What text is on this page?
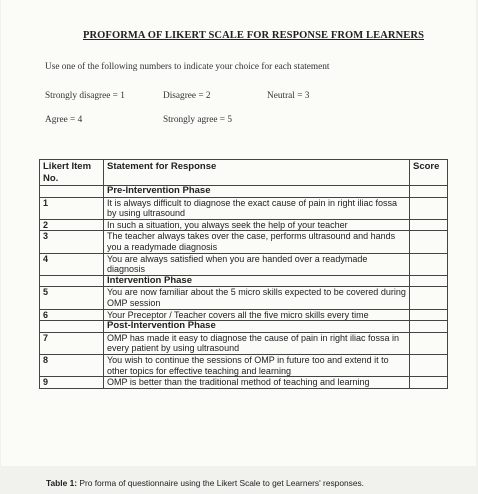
PROFORMA OF LIKERT SCALE FOR RESPONSE FROM LEARNERS
Use one of the following numbers to indicate your choice for each statement
Strongly disagree = 1	Disagree = 2	Neutral = 3
Agree = 4	Strongly agree = 5
Likert Item No.	Statement for Response	Score
	Pre-Intervention Phase	
1	It is always difficult to diagnose the exact cause of pain in right iliac fossa by using ultrasound	
2	In such a situation, you always seek the help of your teacher	
3	The teacher always takes over the case, performs ultrasound and hands you a readymade diagnosis	
4	You are always satisfied when you are handed over a readymade diagnosis	
	Intervention Phase	
5	You are now familiar about the 5 micro skills expected to be covered during OMP session	
6	Your Preceptor / Teacher covers all the five micro skills every time	
	Post-Intervention Phase	
7	OMP has made it easy to diagnose the cause of pain in right iliac fossa in every patient by using ultrasound	
8	You wish to continue the sessions of OMP in future too and extend it to other topics for effective teaching and learning	
9	OMP is better than the traditional method of teaching and learning	
Table 1: Pro forma of questionnaire using the Likert Scale to get Learners' responses.
